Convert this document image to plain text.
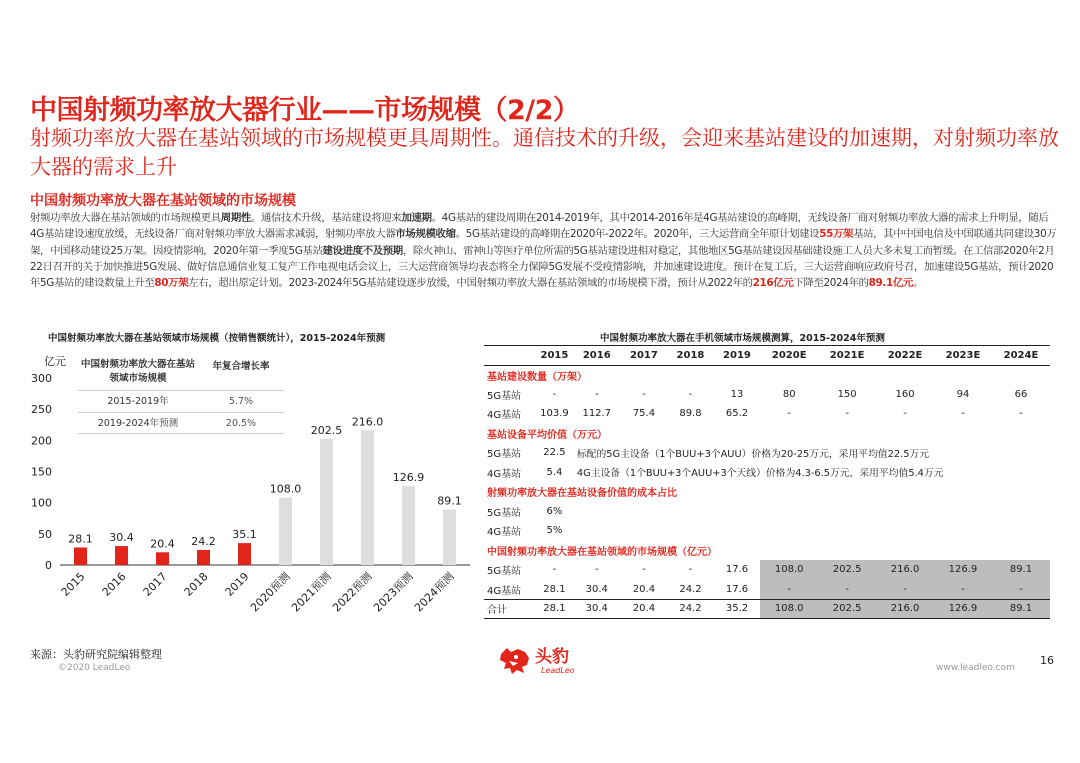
中国射频功率放大器行业——市场规模（2/2）
射频功率放大器在基站领域的市场规模更具周期性。通信技术的升级，会迎来基站建设的加速期，对射频功率放大器的需求上升
中国射频功率放大器在基站领域的市场规模
射频功率放大器在基站领域的市场规模更具周期性。通信技术升级，基站建设将迎来加速期。4G基站的建设周期在2014-2019年，其中2014-2016年是4G基站建设的高峰期，无线设备厂商对射频功率放大器的需求上升明显，随后4G基站建设速度放缓，无线设备厂商对射频功率放大器需求减弱，射频功率放大器市场规模收缩。5G基站建设的高峰期在2020年-2022年。2020年，三大运营商全年原计划建设55万架基站，其中中国电信及中国联通共同建设30万架，中国移动建设25万架。因疫情影响，2020年第一季度5G基站建设进度不及预期，除火神山、雷神山等医疗单位所需的5G基站建设进相对稳定，其他地区5G基站建设因基础建设施工人员大多未复工而暂缓。在工信部2020年2月22日召开的关于加快推进5G发展、做好信息通信业复工复产工作电视电话会议上，三大运营商领导均表态将全力保障5G发展不受疫情影响，并加速建设进度。预计在复工后，三大运营商响应政府号召，加速建设5G基站，预计2020年5G基站的建设数量上升至80万架左右，超出原定计划。2023-2024年5G基站建设逐步放缓，中国射频功率放大器在基站领域的市场规模下滑，预计从2022年的216亿元下降至2024年的89.1亿元。
中国射频功率放大器在基站领域市场规模（按销售额统计），2015-2024年预测	中国射频功率放大器在手机领域市场规模测算，2015-2024年预测
亿元
0
50
100
150
200
250
300
28.1
2015
30.4
2016
20.4
2017
24.2
2018
35.1
2019
108.0
2020预测
202.5
2021预测
216.0
2022预测
126.9
2023预测
89.1
2024预测
中国射频功率放大器在基站领域市场规模
年复合增长率
2015-2019年	5.7%
2019-2024年预测	20.5%
	2015	2016	2017	2018	2019	2020E	2021E	2022E	2023E	2024E
基站建设数量（万架）										
5G基站	-	-	-	-	13	80	150	160	94	66
4G基站	103.9	112.7	75.4	89.8	65.2	-	-	-	-	-
基站设备平均价值（万元）										
5G基站	22.5	标配的5G主设备（1个BUU+3个AUU）价格为20-25万元，采用平均值22.5万元								
4G基站	5.4	4G主设备（1个BUU+3个AUU+3个天线）价格为4.3-6.5万元，采用平均值5.4万元								
射频功率放大器在基站设备价值的成本占比										
5G基站	6%									
4G基站	5%									
中国射频功率放大器在基站领域的市场规模（亿元）										
5G基站	-	-	-	-	17.6	108.0	202.5	216.0	126.9	89.1
4G基站	28.1	30.4	20.4	24.2	17.6	-	-	-	-	-
合计	28.1	30.4	20.4	24.2	35.2	108.0	202.5	216.0	126.9	89.1
来源：头豹研究院编辑整理
©2020 LeadLeo
头豹
LeadLeo	www.leadleo.com
16
